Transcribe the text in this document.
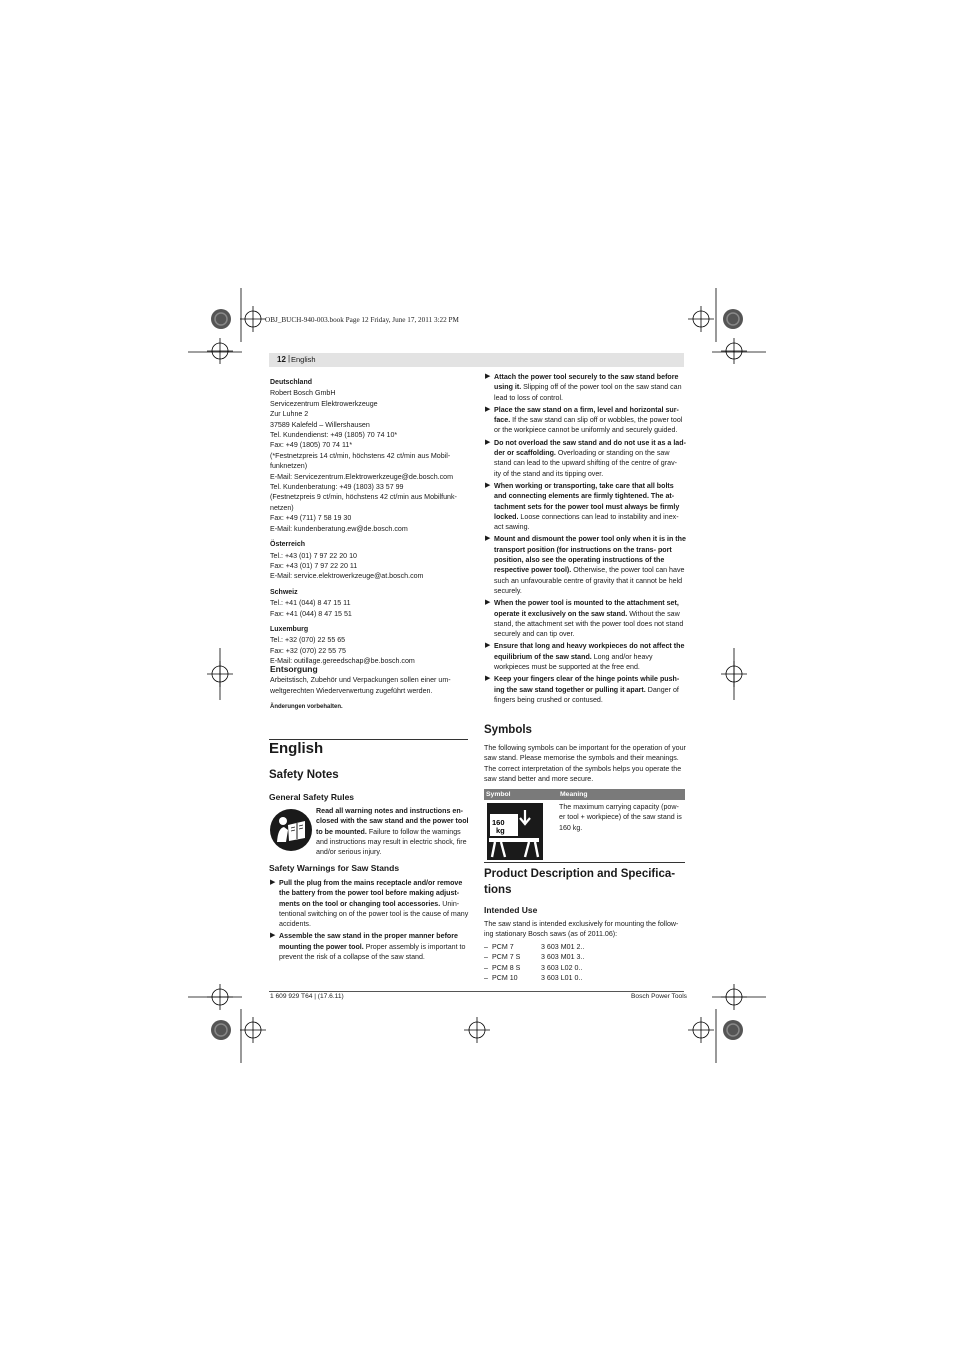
OBJ_BUCH-940-003.book Page 12 Friday, June 17, 2011 3:22 PM
12 | English

Deutschland

Robert Bosch GmbH

Servicezentrum Elektrowerkzeuge

Zur Luhne 2

37589 Kalefeld – Willershausen

Tel. Kundendienst: +49 (1805) 70 74 10*

Fax: +49 (1805) 70 74 11*

(*Festnetzpreis 14 ct/min, höchstens 42 ct/min aus Mobil-

funknetzen)

E-Mail: Servicezentrum.Elektrowerkzeuge@de.bosch.com

Tel. Kundenberatung: +49 (1803) 33 57 99

(Festnetzpreis 9 ct/min, höchstens 42 ct/min aus Mobilfunk-

netzen)

Fax: +49 (711) 7 58 19 30

E-Mail: kundenberatung.ew@de.bosch.com

Österreich

Tel.: +43 (01) 7 97 22 20 10

Fax: +43 (01) 7 97 22 20 11

E-Mail: service.elektrowerkzeuge@at.bosch.com

Schweiz

Tel.: +41 (044) 8 47 15 11

Fax: +41 (044) 8 47 15 51

Luxemburg

Tel.: +32 (070) 22 55 65

Fax: +32 (070) 22 55 75

E-Mail: outillage.gereedschap@be.bosch.com

Entsorgung

Arbeitstisch, Zubehör und Verpackungen sollen einer um-

weltgerechten Wiederverwertung zugeführt werden.

Änderungen vorbehalten.

English
Safety Notes
General Safety Rules
Read all warning notes and instructions en- closed with the saw stand and the power tool to be mounted. Failure to follow the warnings and instructions may result in electric shock, fire and/or serious injury.
Safety Warnings for Saw Stands
▶ Pull the plug from the mains receptacle and/or remove the battery from the power tool before making adjust- ments on the tool or changing tool accessories. Unin- tentional switching on of the power tool is the cause of many accidents.
▶ Assemble the saw stand in the proper manner before mounting the power tool. Proper assembly is important to prevent the risk of a collapse of the saw stand.
▶ Attach the power tool securely to the saw stand before using it. Slipping off of the power tool on the saw stand can lead to loss of control.
▶ Place the saw stand on a firm, level and horizontal sur- face. If the saw stand can slip off or wobbles, the power tool or the workpiece cannot be uniformly and securely guided.
▶ Do not overload the saw stand and do not use it as a lad- der or scaffolding. Overloading or standing on the saw stand can lead to the upward shifting of the centre of grav- ity of the stand and its tipping over.
▶ When working or transporting, take care that all bolts and connecting elements are firmly tightened. The at- tachment sets for the power tool must always be firmly locked. Loose connections can lead to instability and inex- act sawing.
▶ Mount and dismount the power tool only when it is in the transport position (for instructions on the trans- port position, also see the operating instructions of the respective power tool). Otherwise, the power tool can have such an unfavourable centre of gravity that it cannot be held securely.
▶ When the power tool is mounted to the attachment set, operate it exclusively on the saw stand. Without the saw stand, the attachment set with the power tool does not stand securely and can tip over.
▶ Ensure that long and heavy workpieces do not affect the equilibrium of the saw stand. Long and/or heavy workpieces must be supported at the free end.
▶ Keep your fingers clear of the hinge points while push- ing the saw stand together or pulling it apart. Danger of fingers being crushed or contused.
Symbols
The following symbols can be important for the operation of your saw stand. Please memorise the symbols and their meanings. The correct interpretation of the symbols helps you operate the saw stand better and more secure.
Symbol	Meaning
160
kg
The maximum carrying capacity (pow- er tool + workpiece) of the saw stand is 160 kg.
Product Description and Specifica-
tions
Intended Use
The saw stand is intended exclusively for mounting the follow- ing stationary Bosch saws (as of 2011.06):
– PCM 7	3 603 M01 2..
– PCM 7 S	3 603 M01 3..
– PCM 8 S	3 603 L02 0..
– PCM 10	3 603 L01 0..
1 609 929 T64 | (17.6.11)	Bosch Power Tools
